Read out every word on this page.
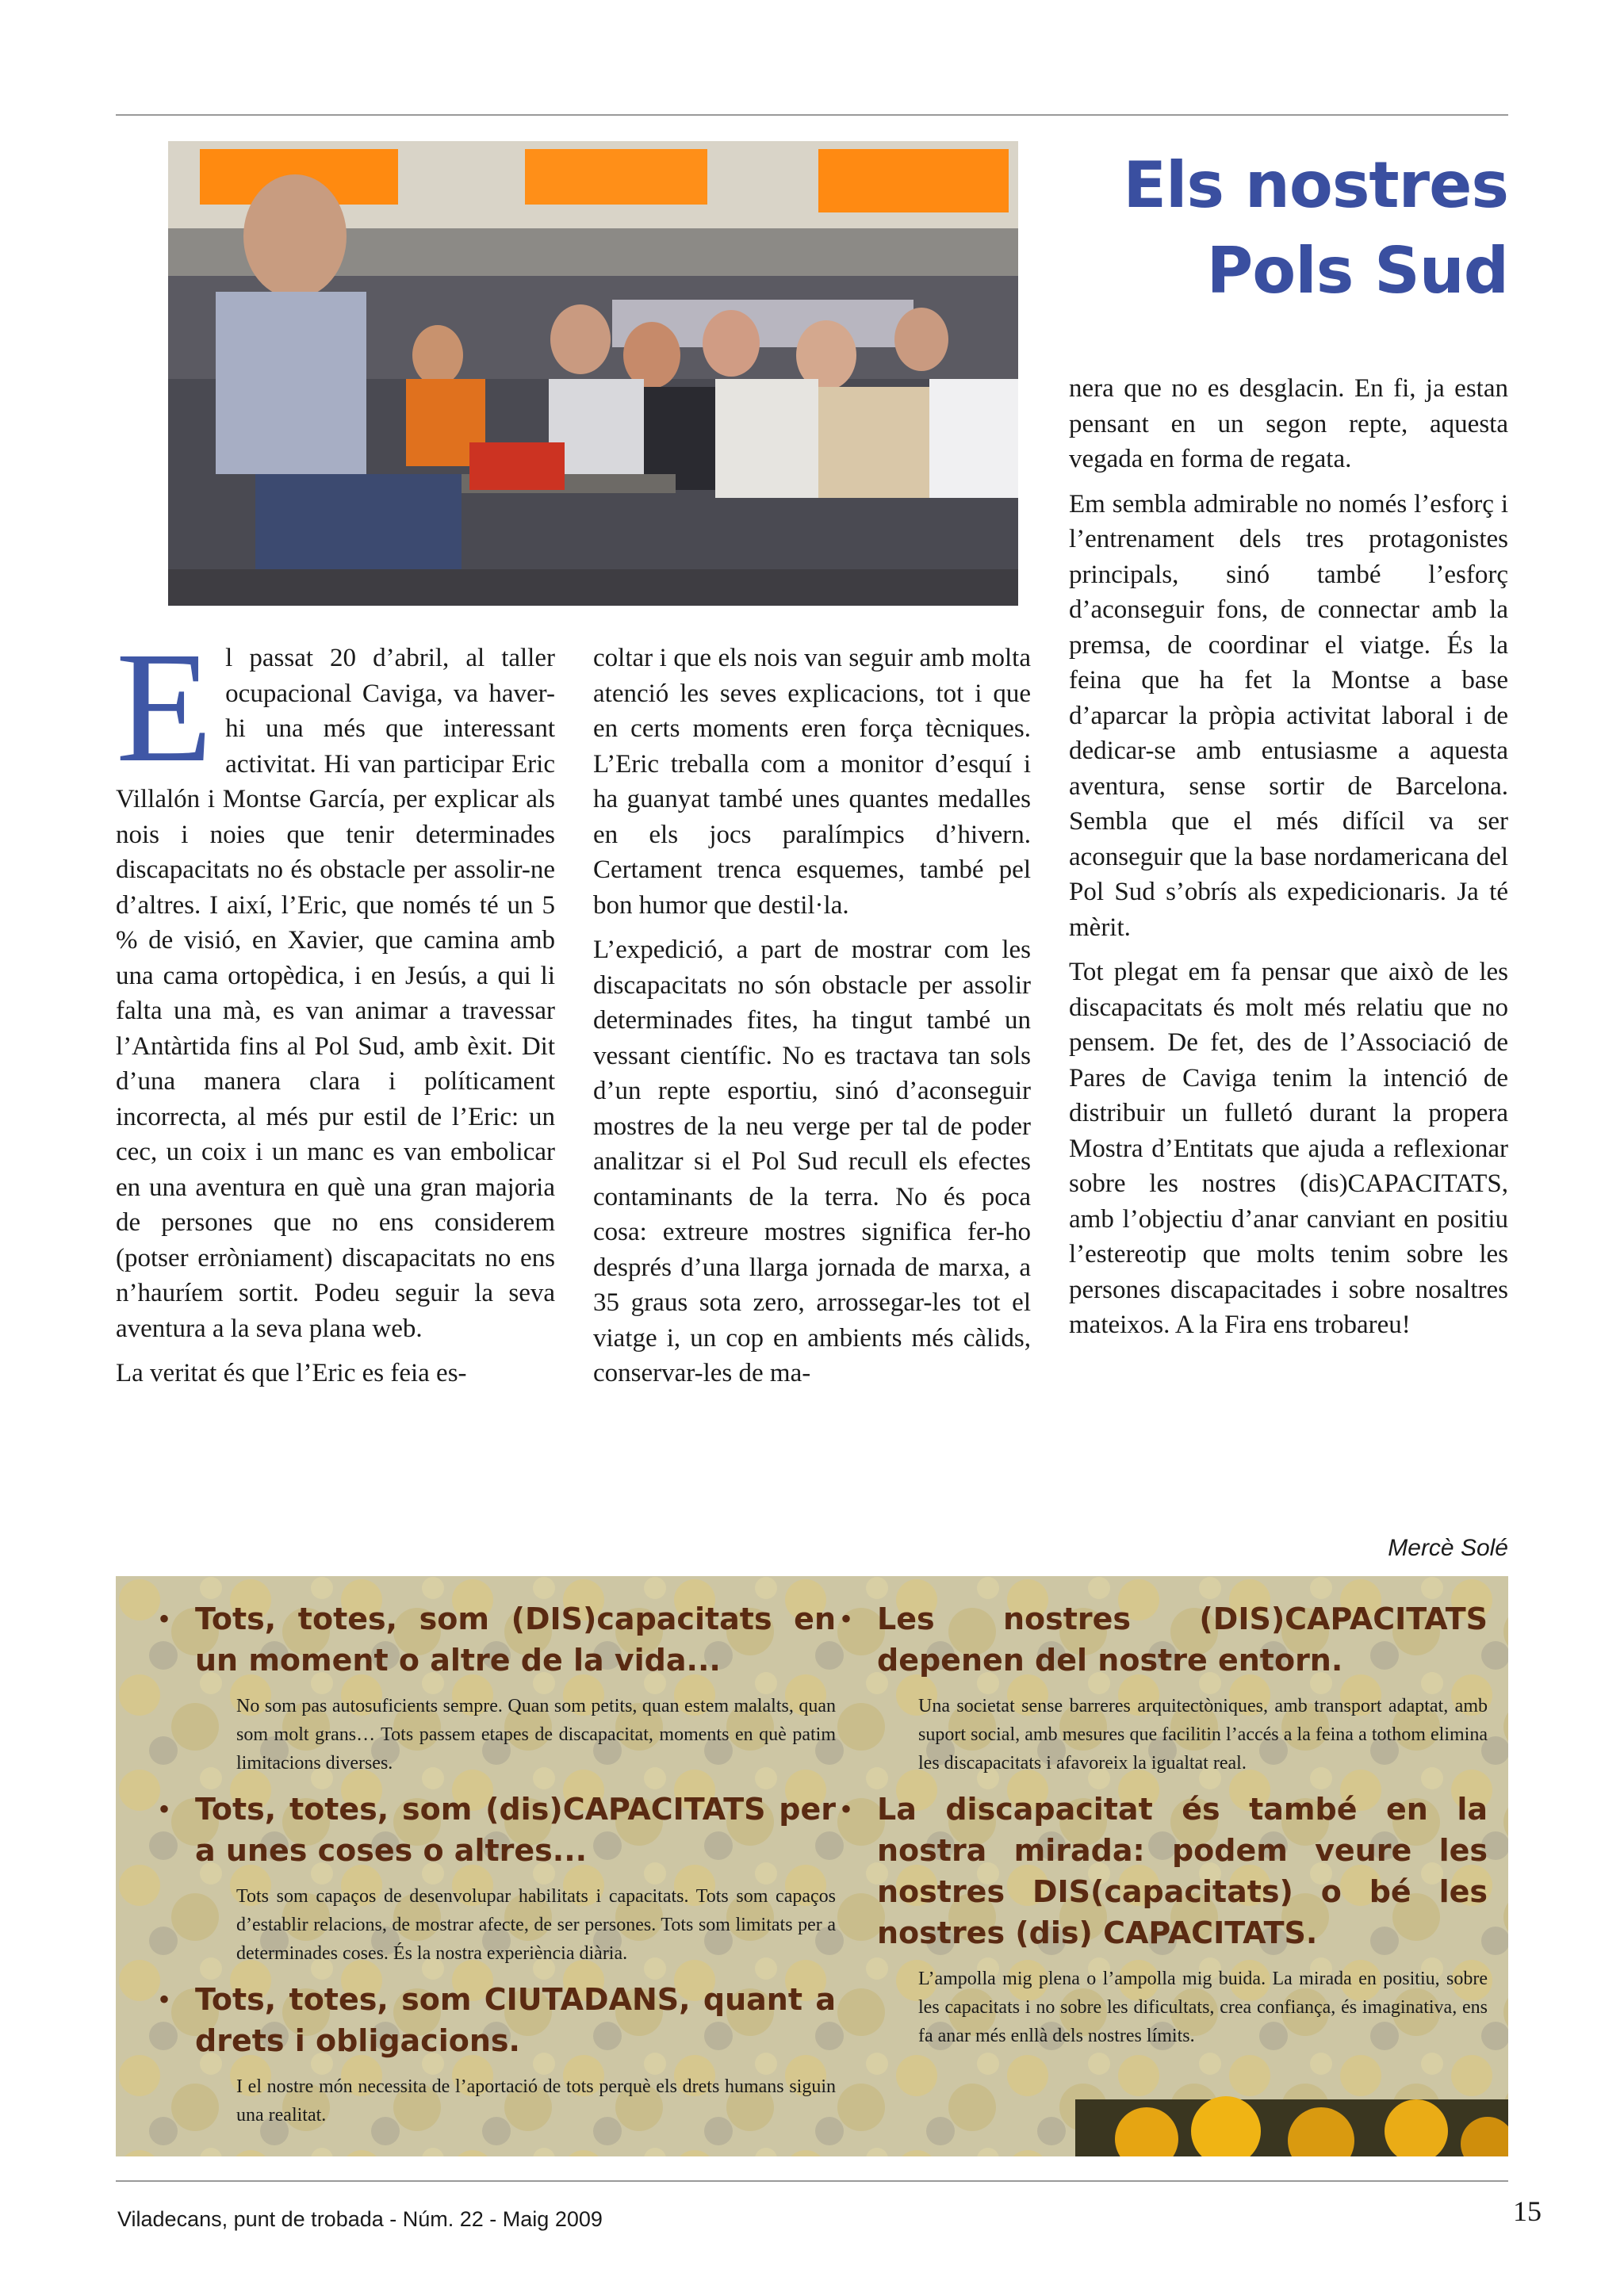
Els nostres
Pols Sud

El passat 20 d’abril, al taller ocupacional Caviga, va haver-hi una més que interessant activitat. Hi van participar Eric Villalón i Montse García, per explicar als nois i noies que tenir determinades discapacitats no és obstacle per assolir-ne d’altres. I així, l’Eric, que només té un 5 % de visió, en Xavier, que camina amb una cama ortopèdica, i en Jesús, a qui li falta una mà, es van animar a travessar l’Antàrtida fins al Pol Sud, amb èxit. Dit d’una manera clara i políticament incorrecta, al més pur estil de l’Eric: un cec, un coix i un manc es van embolicar en una aventura en què una gran majoria de persones que no ens considerem (potser erròniament) discapacitats no ens n’hauríem sortit. Podeu seguir la seva aventura a la seva plana web.

La veritat és que l’Eric es feia es-

coltar i que els nois van seguir amb molta atenció les seves explicacions, tot i que en certs moments eren força tècniques. L’Eric treballa com a monitor d’esquí i ha guanyat també unes quantes medalles en els jocs paralímpics d’hivern. Certament trenca esquemes, també pel bon humor que destil·la.

L’expedició, a part de mostrar com les discapacitats no són obstacle per assolir determinades fites, ha tingut també un vessant científic. No es tractava tan sols d’un repte esportiu, sinó d’aconseguir mostres de la neu verge per tal de poder analitzar si el Pol Sud recull els efectes contaminants de la terra. No és poca cosa: extreure mostres significa fer-ho després d’una llarga jornada de marxa, a 35 graus sota zero, arrossegar-les tot el viatge i, un cop en ambients més càlids, conservar-les de ma-

nera que no es desglacin. En fi, ja estan pensant en un segon repte, aquesta vegada en forma de regata.

Em sembla admirable no només l’esforç i l’entrenament dels tres protagonistes principals, sinó també l’esforç d’aconseguir fons, de connectar amb la premsa, de coordinar el viatge. És la feina que ha fet la Montse a base d’aparcar la pròpia activitat laboral i de dedicar-se amb entusiasme a aquesta aventura, sense sortir de Barcelona. Sembla que el més difícil va ser aconseguir que la base nordamericana del Pol Sud s’obrís als expedicionaris. Ja té mèrit.

Tot plegat em fa pensar que això de les discapacitats és molt més relatiu que no pensem. De fet, des de l’Associació de Pares de Caviga tenim la intenció de distribuir un fulletó durant la propera Mostra d’Entitats que ajuda a reflexionar sobre les nostres (dis)CAPACITATS, amb l’objectiu d’anar canviant en positiu l’estereotip que molts tenim sobre les persones discapacitades i sobre nosaltres mateixos. A la Fira ens trobareu!

Mercè Solé
• Tots, totes, som (DIS)capacitats en un moment o altre de la vida...
No som pas autosuficients sempre. Quan som petits, quan estem malalts, quan som molt grans… Tots passem etapes de discapacitat, moments en què patim limitacions diverses.
• Tots, totes, som (dis)CAPACITATS per a unes coses o altres...
Tots som capaços de desenvolupar habilitats i capacitats. Tots som capaços d’establir relacions, de mostrar afecte, de ser persones. Tots som limitats per a determinades coses. És la nostra experiència diària.
• Tots, totes, som CIUTADANS, quant a drets i obligacions.
I el nostre món necessita de l’aportació de tots perquè els drets humans siguin una realitat.
• Les nostres (DIS)CAPACITATS depenen del nostre entorn.
Una societat sense barreres arquitectòniques, amb transport adaptat, amb suport social, amb mesures que facilitin l’accés a la feina a tothom elimina les discapacitats i afavoreix la igualtat real.
• La discapacitat és també en la nostra mirada: podem veure les nostres DIS(capacitats) o bé les nostres (dis) CAPACITATS.
L’ampolla mig plena o l’ampolla mig buida. La mirada en positiu, sobre les capacitats i no sobre les dificultats, crea confiança, és imaginativa, ens fa anar més enllà dels nostres límits.
Viladecans, punt de trobada - Núm. 22 - Maig 2009	15
